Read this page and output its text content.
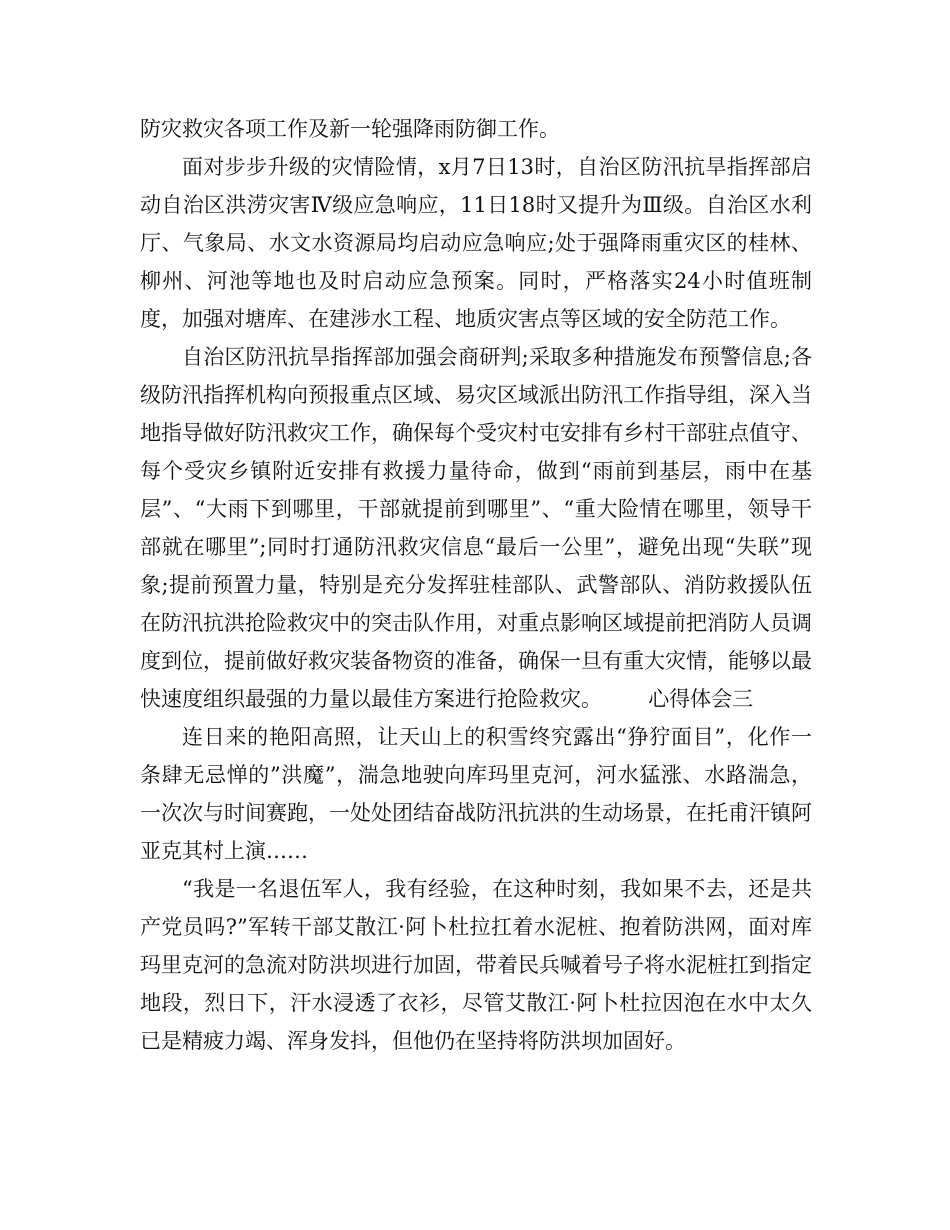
防灾救灾各项工作及新一轮强降雨防御工作。

面对步步升级的灾情险情，x月7日13时，自治区防汛抗旱指挥部启动自治区洪涝灾害Ⅳ级应急响应，11日18时又提升为Ⅲ级。自治区水利厅、气象局、水文水资源局均启动应急响应;处于强降雨重灾区的桂林、柳州、河池等地也及时启动应急预案。同时，严格落实24小时值班制度，加强对塘库、在建涉水工程、地质灾害点等区域的安全防范工作。

自治区防汛抗旱指挥部加强会商研判;采取多种措施发布预警信息;各级防汛指挥机构向预报重点区域、易灾区域派出防汛工作指导组，深入当地指导做好防汛救灾工作，确保每个受灾村屯安排有乡村干部驻点值守、每个受灾乡镇附近安排有救援力量待命，做到“雨前到基层，雨中在基层”、“大雨下到哪里，干部就提前到哪里”、“重大险情在哪里，领导干部就在哪里”;同时打通防汛救灾信息“最后一公里”，避免出现“失联”现象;提前预置力量，特别是充分发挥驻桂部队、武警部队、消防救援队伍在防汛抗洪抢险救灾中的突击队作用，对重点影响区域提前把消防人员调度到位，提前做好救灾装备物资的准备，确保一旦有重大灾情，能够以最快速度组织最强的力量以最佳方案进行抢险救灾。 心得体会三

连日来的艳阳高照，让天山上的积雪终究露出“狰狞面目”，化作一条肆无忌惮的”洪魔”，湍急地驶向库玛里克河，河水猛涨、水路湍急，一次次与时间赛跑，一处处团结奋战防汛抗洪的生动场景，在托甫汗镇阿亚克其村上演……

“我是一名退伍军人，我有经验，在这种时刻，我如果不去，还是共产党员吗?”军转干部艾散江·阿卜杜拉扛着水泥桩、抱着防洪网，面对库玛里克河的急流对防洪坝进行加固，带着民兵喊着号子将水泥桩扛到指定地段，烈日下，汗水浸透了衣衫，尽管艾散江·阿卜杜拉因泡在水中太久已是精疲力竭、浑身发抖，但他仍在坚持将防洪坝加固好。
